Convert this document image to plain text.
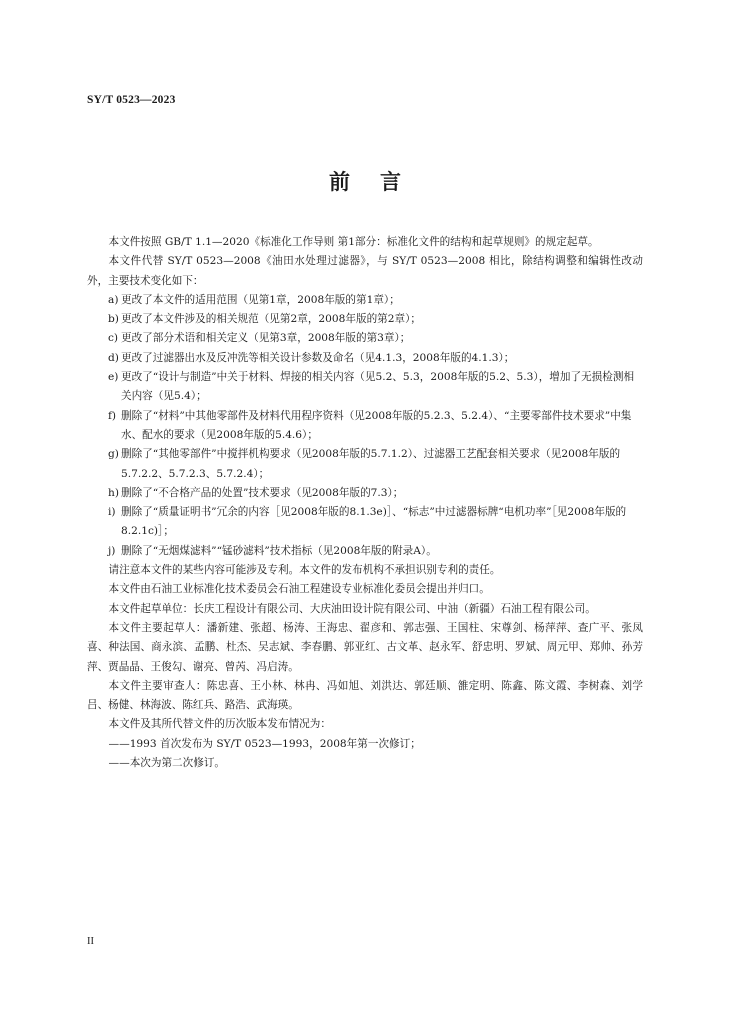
SY/T 0523—2023
前言

本文件按照 GB/T 1.1—2020《标准化工作导则 第1部分：标准化文件的结构和起草规则》的规定起草。

本文件代替 SY/T 0523—2008《油田水处理过滤器》，与 SY/T 0523—2008 相比，除结构调整和编辑性改动外，主要技术变化如下：

a) 更改了本文件的适用范围（见第1章，2008年版的第1章）；

b) 更改了本文件涉及的相关规范（见第2章，2008年版的第2章）；

c) 更改了部分术语和相关定义（见第3章，2008年版的第3章）；

d) 更改了过滤器出水及反冲洗等相关设计参数及命名（见4.1.3，2008年版的4.1.3）；

e) 更改了“设计与制造”中关于材料、焊接的相关内容（见5.2、5.3，2008年版的5.2、5.3），增加了无损检测相关内容（见5.4）；

f) 删除了“材料”中其他零部件及材料代用程序资料（见2008年版的5.2.3、5.2.4）、“主要零部件技术要求”中集水、配水的要求（见2008年版的5.4.6）；

g) 删除了“其他零部件”中搅拌机构要求（见2008年版的5.7.1.2）、过滤器工艺配套相关要求（见2008年版的5.7.2.2、5.7.2.3、5.7.2.4）；

h) 删除了“不合格产品的处置”技术要求（见2008年版的7.3）；

i) 删除了“质量证明书”冗余的内容［见2008年版的8.1.3e)］、“标志”中过滤器标牌“电机功率”［见2008年版的8.2.1c)］；

j) 删除了“无烟煤滤料”“锰砂滤料”技术指标（见2008年版的附录A）。

请注意本文件的某些内容可能涉及专利。本文件的发布机构不承担识别专利的责任。

本文件由石油工业标准化技术委员会石油工程建设专业标准化委员会提出并归口。

本文件起草单位：长庆工程设计有限公司、大庆油田设计院有限公司、中油（新疆）石油工程有限公司。

本文件主要起草人：潘新建、张超、杨涛、王海忠、翟彦和、郭志强、王国柱、宋尊剑、杨萍萍、查广平、张凤喜、种法国、商永滨、孟鹏、杜杰、吴志斌、李春鹏、郭亚红、古文革、赵永军、舒忠明、罗斌、周元甲、郑帅、孙芳萍、贾晶晶、王俊勾、谢亮、曾芮、冯启涛。

本文件主要审查人：陈忠喜、王小林、林冉、冯如旭、刘洪达、郭廷顺、雒定明、陈鑫、陈文霞、李树森、刘学吕、杨健、林海波、陈红兵、路浩、武海瑛。

本文件及其所代替文件的历次版本发布情况为：

——1993 首次发布为 SY/T 0523—1993，2008年第一次修订；

——本次为第二次修订。

II
